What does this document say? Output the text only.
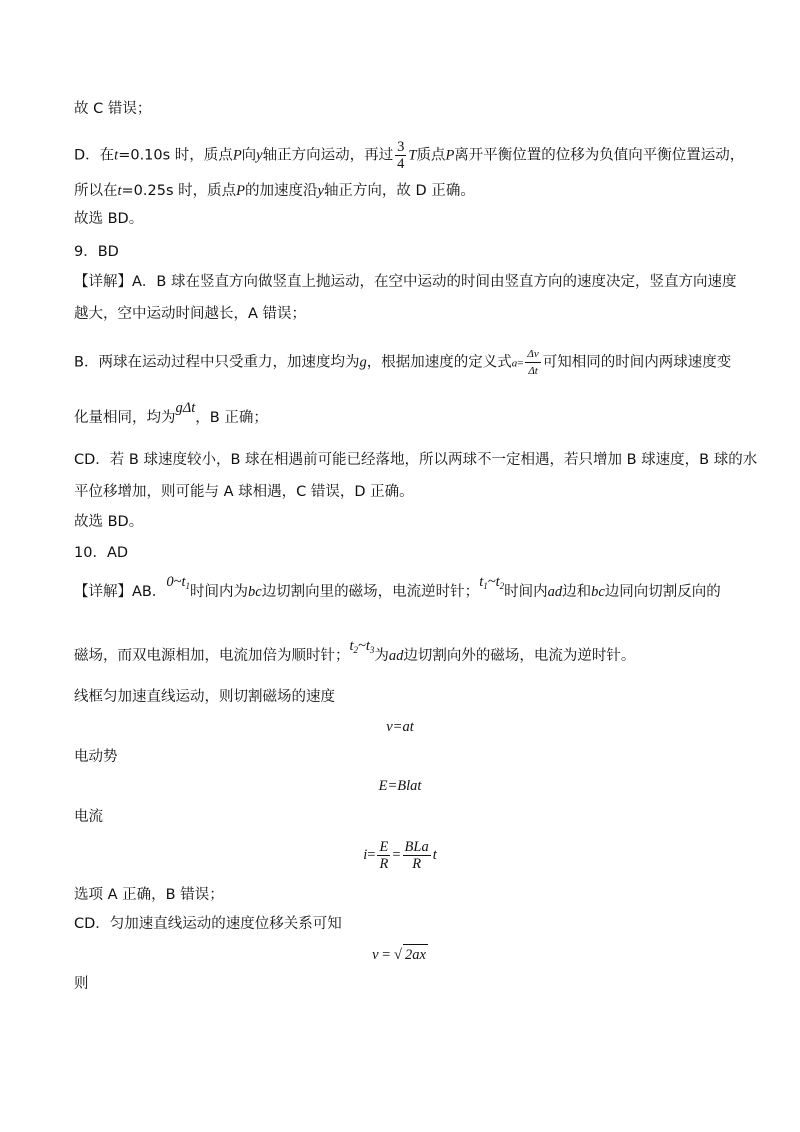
故 C 错误；
D．在t=0.10s 时，质点P向y轴正方向运动，再过 $\frac{3}{4}$ T质点P离开平衡位置的位移为负值向平衡位置运动，
所以在t=0.25s 时，质点P的加速度沿y轴正方向，故 D 正确。
故选 BD。
9．BD
【详解】A．B 球在竖直方向做竖直上抛运动，在空中运动的时间由竖直方向的速度决定，竖直方向速度
越大，空中运动时间越长，A 错误；
B．两球在运动过程中只受重力，加速度均为g，根据加速度的定义式$a= \frac{\Delta v}{\Delta t}$ 可知相同的时间内两球速度变
化量相同，均为gΔt，B 正确；
CD．若 B 球速度较小，B 球在相遇前可能已经落地，所以两球不一定相遇，若只增加 B 球速度，B 球的水
平位移增加，则可能与 A 球相遇，C 错误，D 正确。
故选 BD。
10．AD
【详解】AB．$0\sim t_1$时间内为bc边切割向里的磁场，电流逆时针；$t_1\sim t_2$时间内ad边和bc边同向切割反向的
磁场，而双电源相加，电流加倍为顺时针；$t_2\sim t_3$为ad边切割向外的磁场，电流为逆时针。
线框匀加速直线运动，则切割磁场的速度
v=at
电动势
E=Blat
电流
$i= \frac{E}{R} = \frac{\text{BLa}}{R}$ t
选项 A 正确，B 错误；
CD．匀加速直线运动的速度位移关系可知
v = √ 2ax
则
